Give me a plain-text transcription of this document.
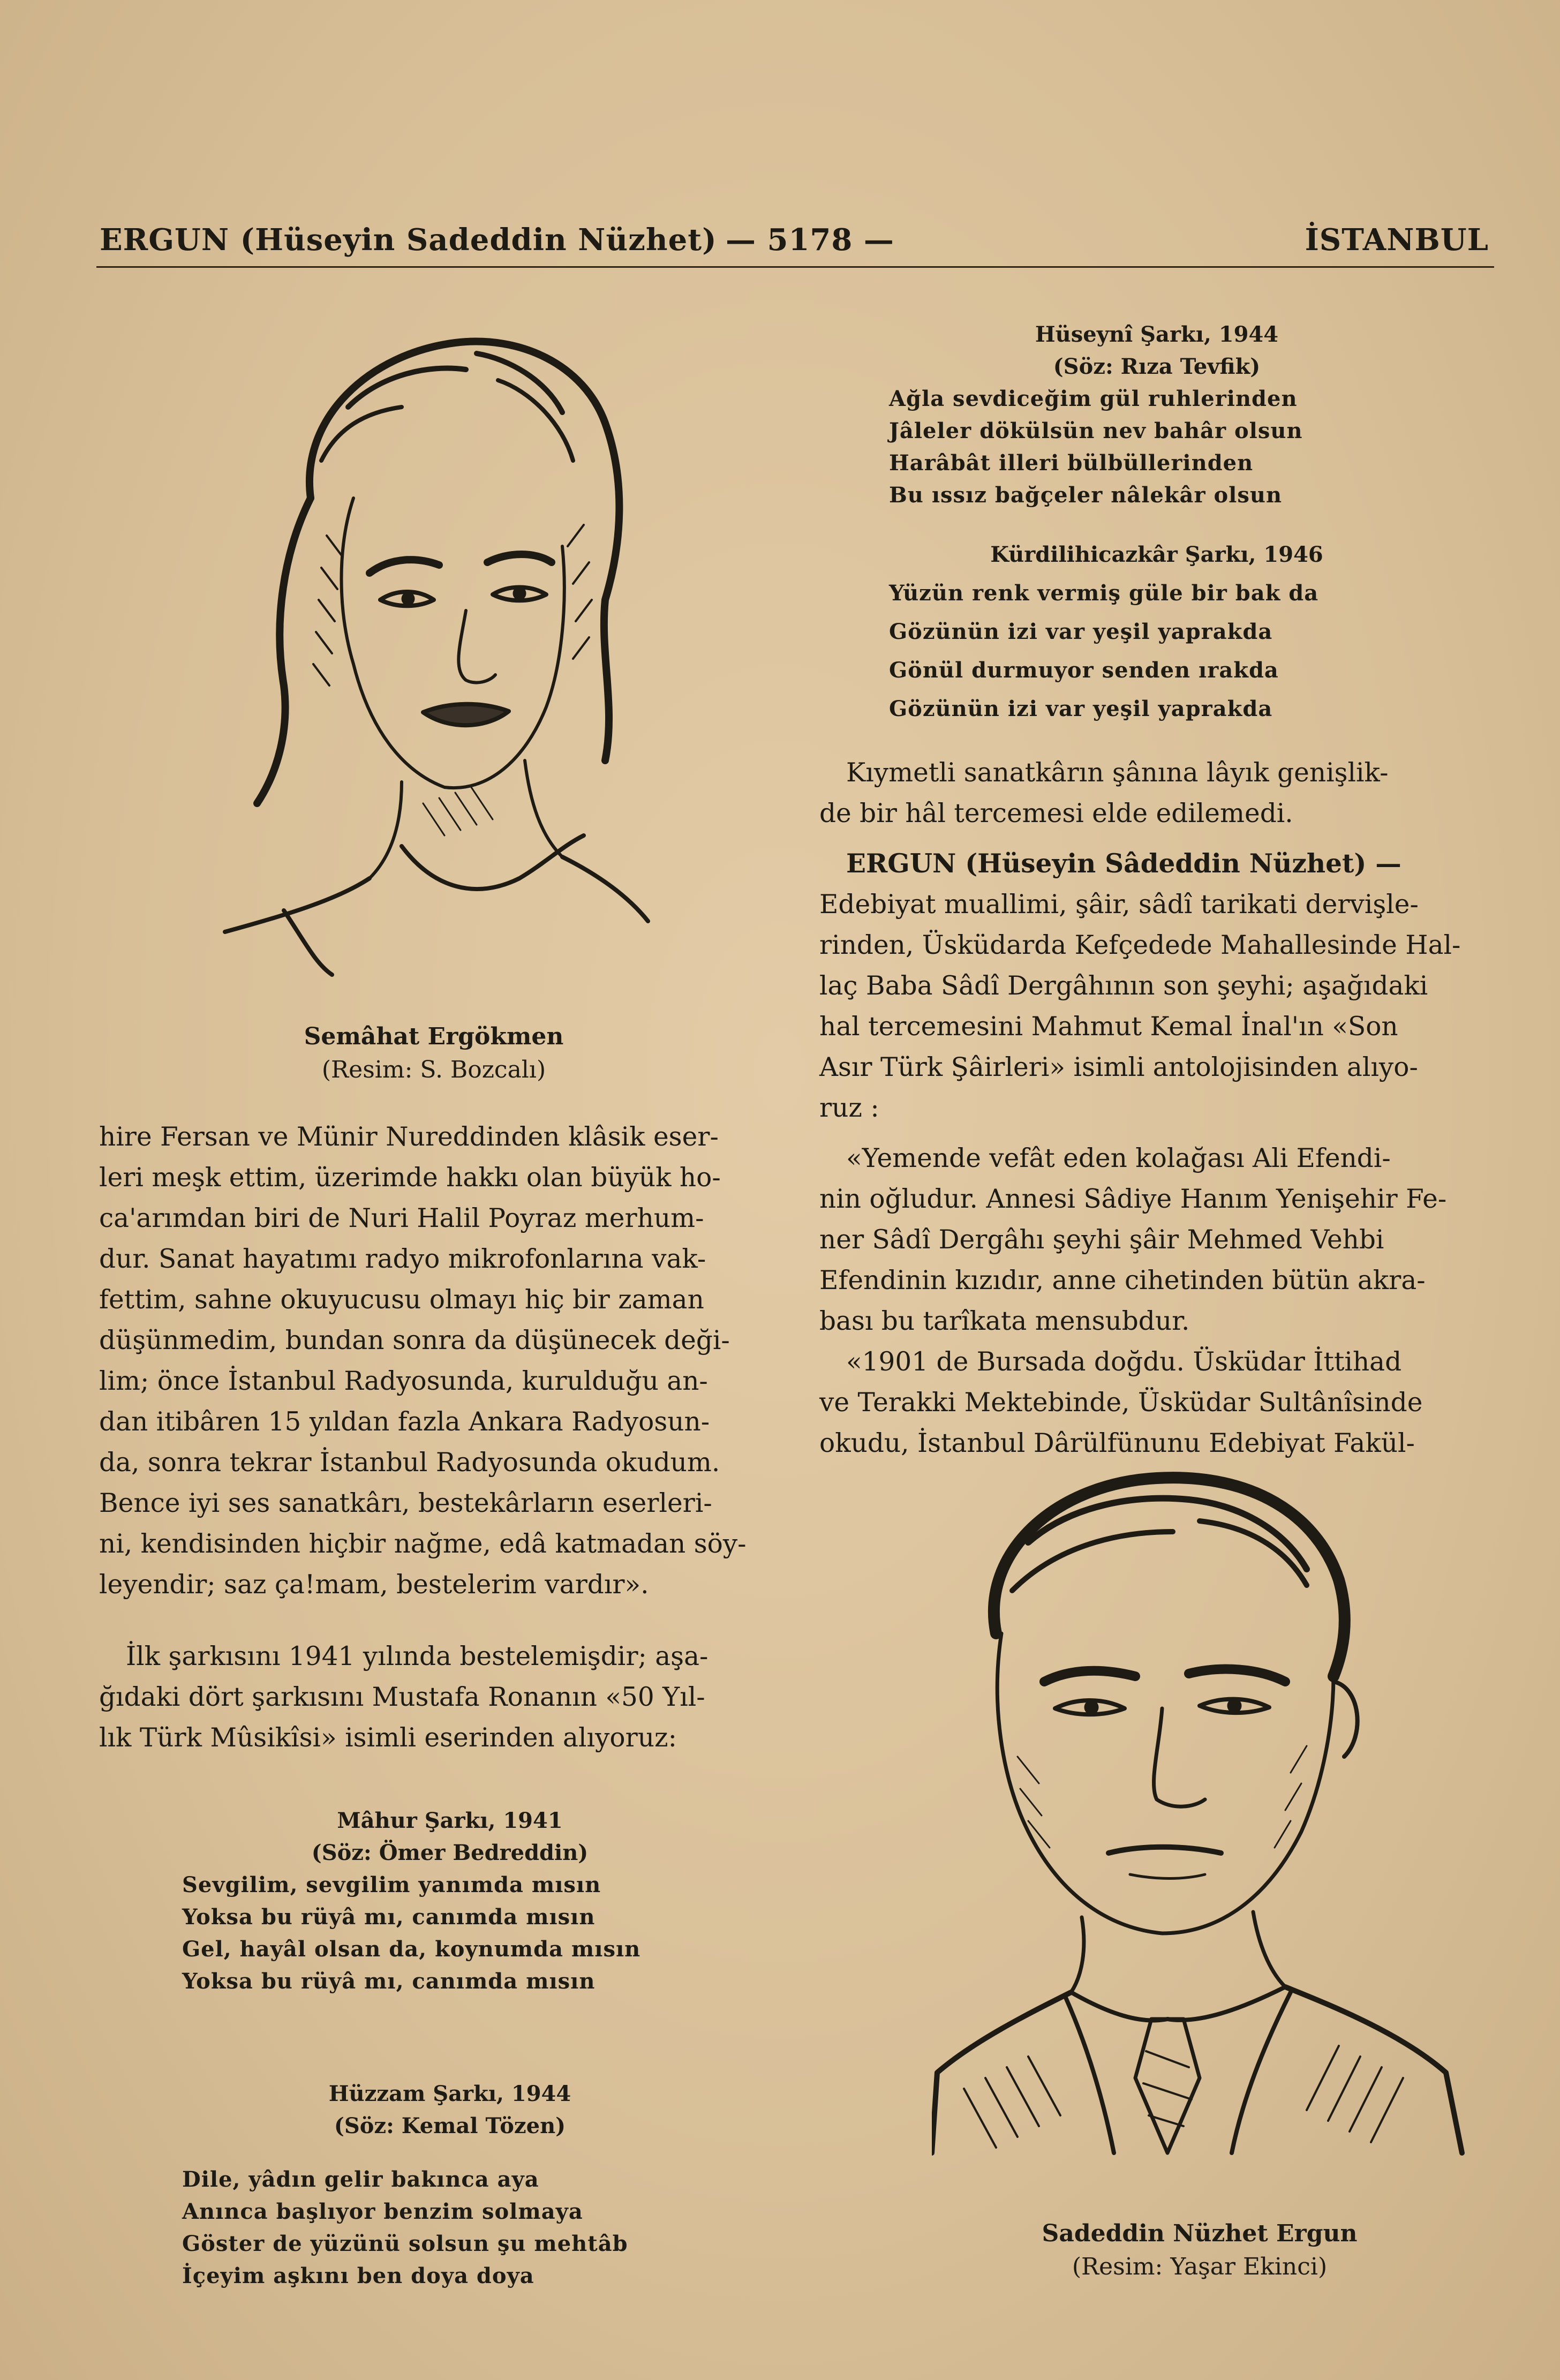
ERGUN (Hüseyin Sadeddin Nüzhet) — 5178 —	İSTANBUL
Semâhat Ergökmen
(Resim: S. Bozcalı)

hire Fersan ve Münir Nureddinden klâsik eser-

leri meşk ettim, üzerimde hakkı olan büyük ho-

ca'arımdan biri de Nuri Halil Poyraz merhum-

dur. Sanat hayatımı radyo mikrofonlarına vak-

fettim, sahne okuyucusu olmayı hiç bir zaman

düşünmedim, bundan sonra da düşünecek deği-

lim; önce İstanbul Radyosunda, kurulduğu an-

dan itibâren 15 yıldan fazla Ankara Radyosun-

da, sonra tekrar İstanbul Radyosunda okudum.

Bence iyi ses sanatkârı, bestekârların eserleri-

ni, kendisinden hiçbir nağme, edâ katmadan söy-

leyendir; saz ça!mam, bestelerim vardır».

İlk şarkısını 1941 yılında bestelemişdir; aşa-

ğıdaki dört şarkısını Mustafa Ronanın «50 Yıl-

lık Türk Mûsikîsi» isimli eserinden alıyoruz:

Mâhur Şarkı, 1941
(Söz: Ömer Bedreddin)
Sevgilim, sevgilim yanımda mısın
Yoksa bu rüyâ mı, canımda mısın
Gel, hayâl olsan da, koynumda mısın
Yoksa bu rüyâ mı, canımda mısın
Hüzzam Şarkı, 1944
(Söz: Kemal Tözen)
Dile, yâdın gelir bakınca aya
Anınca başlıyor benzim solmaya
Göster de yüzünü solsun şu mehtâb
İçeyim aşkını ben doya doya
Hüseynî Şarkı, 1944
(Söz: Rıza Tevfik)
Ağla sevdiceğim gül ruhlerinden
Jâleler dökülsün nev bahâr olsun
Harâbât illeri bülbüllerinden
Bu ıssız bağçeler nâlekâr olsun
Kürdilihicazkâr Şarkı, 1946
Yüzün renk vermiş güle bir bak da
Gözünün izi var yeşil yaprakda
Gönül durmuyor senden ırakda
Gözünün izi var yeşil yaprakda

Kıymetli sanatkârın şânına lâyık genişlik-

de bir hâl tercemesi elde edilemedi.

ERGUN (Hüseyin Sâdeddin Nüzhet) —

Edebiyat muallimi, şâir, sâdî tarikati dervişle-

rinden, Üsküdarda Kefçedede Mahallesinde Hal-

laç Baba Sâdî Dergâhının son şeyhi; aşağıdaki

hal tercemesini Mahmut Kemal İnal'ın «Son

Asır Türk Şâirleri» isimli antolojisinden alıyo-

ruz :

«Yemende vefât eden kolağası Ali Efendi-

nin oğludur. Annesi Sâdiye Hanım Yenişehir Fe-

ner Sâdî Dergâhı şeyhi şâir Mehmed Vehbi

Efendinin kızıdır, anne cihetinden bütün akra-

bası bu tarîkata mensubdur.

«1901 de Bursada doğdu. Üsküdar İttihad

ve Terakki Mektebinde, Üsküdar Sultânîsinde

okudu, İstanbul Dârülfünunu Edebiyat Fakül-

Sadeddin Nüzhet Ergun
(Resim: Yaşar Ekinci)
